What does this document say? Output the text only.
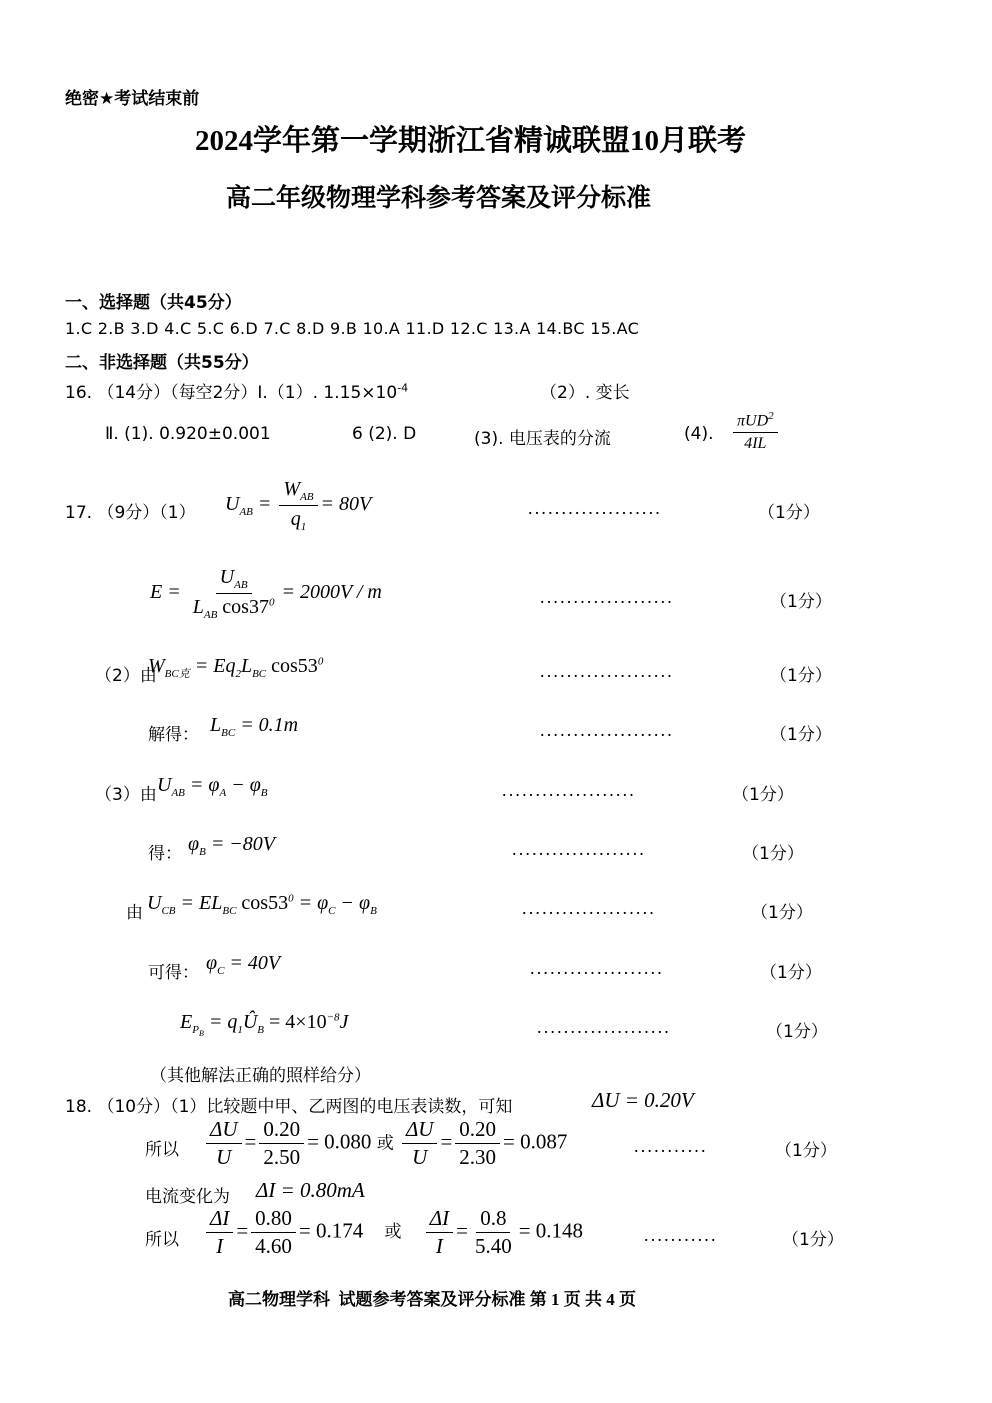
绝密★考试结束前
2024学年第一学期浙江省精诚联盟10月联考
高二年级物理学科参考答案及评分标准
一、选择题（共45分）
1.C 2.B 3.D 4.C 5.C 6.D 7.C 8.D 9.B 10.A 11.D 12.C 13.A 14.BC 15.AC
二、非选择题（共55分）
16. （14分）（每空2分）Ⅰ.（1）. $1.15\times 10^{-4}$	（2）. 变长
Ⅱ. (1). 0.920±0.001	6 (2). D	(3). 电压表的分流	(4). $\frac{\pi UD^2}{4IL}$
17. （9分）（1） $U_{AB} = \frac{W_{AB}}{q_1} = 80V$	....................	（1分）
$E = \frac{U_{AB}}{L_{AB} \cos 37^0} = 2000V / m$	....................	（1分）
（2）由
$W_{BC克} = Eq_2L_{BC}$ $\cos 53^0$	....................	（1分）
解得： $L_{BC} = 0.1m$	....................	（1分）
（3）由 $U_{AB} = \varphi_A - \varphi_B$	....................	（1分）
得： $\varphi_B = -80V$	....................	（1分）
由 $U_{CB} = EL_{BC}$ $\cos 53^0 = \varphi_C - \varphi_B$	....................	（1分）
可得： $\varphi_C = 40V$	....................	（1分）
$E_{P_B}$ = $q_1Û_B = 4\times 10^{-8}J$	....................	（1分）
（其他解法正确的照样给分）
18. （10分）（1）比较题中甲、乙两图的电压表读数，可知	ΔU = 0.20V
所以 $\frac{\Delta U}{U} = \frac{0.20}{2.50} = 0.080$ 或 $\frac{\Delta U}{U} = \frac{0.20}{2.30} = 0.087$	...........	（1分）
电流变化为 ΔI = 0.80mA
所以 $\frac{\Delta I}{I} = \frac{0.80}{4.60} = 0.174$ 或 $\frac{\Delta I}{I} = \frac{0.8}{5.40} = 0.148$	...........	（1分）
高二物理学科  试题参考答案及评分标准 第 1 页 共 4 页
